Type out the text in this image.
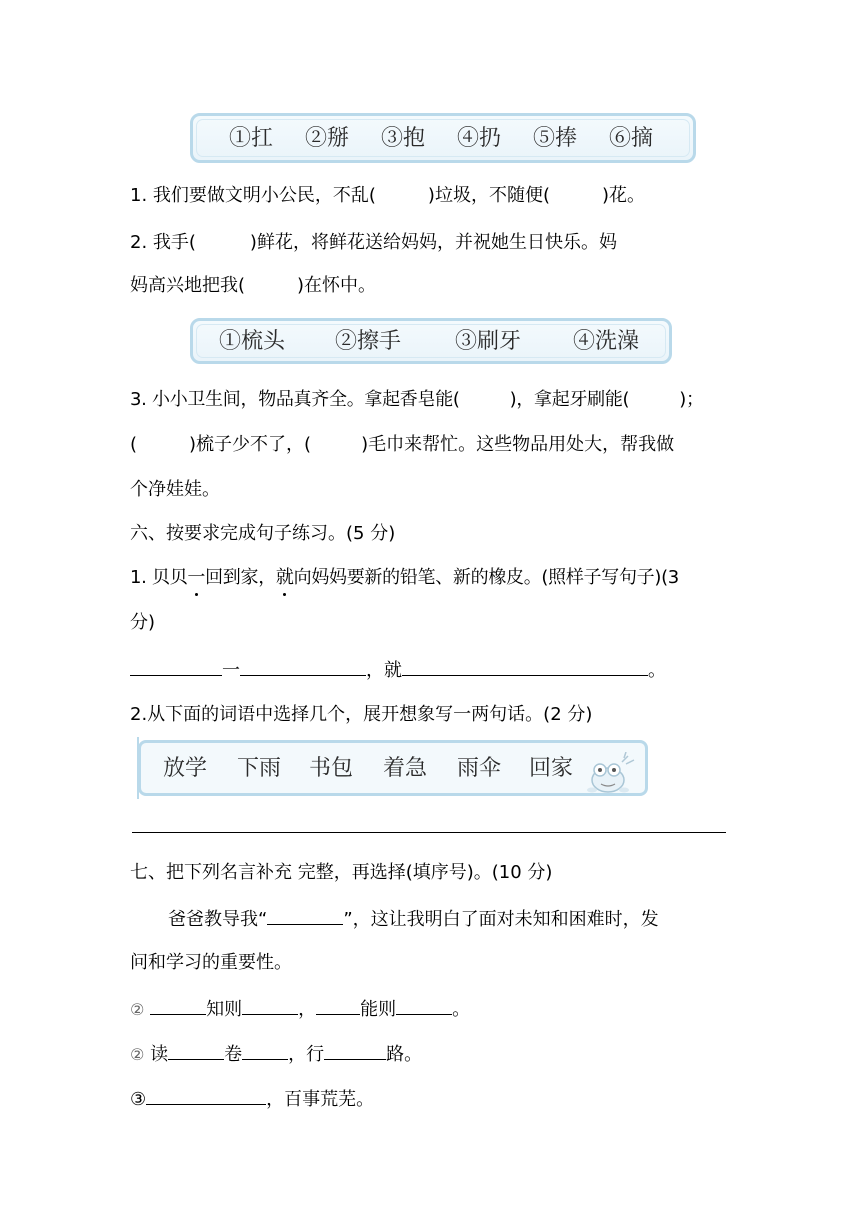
①扛 ②掰 ③抱 ④扔 ⑤捧 ⑥摘
1. 我们要做文明小公民，不乱(	)垃圾，不随便(	)花。
2. 我手(	)鲜花，将鲜花送给妈妈，并祝她生日快乐。妈
妈高兴地把我(	)在怀中。
①梳头 ②擦手 ③刷牙 ④洗澡
3. 小小卫生间，物品真齐全。拿起香皂能(	)，拿起牙刷能(	)；
(	)梳子少不了，(	)毛巾来帮忙。这些物品用处大，帮我做
个净娃娃。
六、按要求完成句子练习。(5 分)
1. 贝贝一回到家，就向妈妈要新的铅笔、新的橡皮。(照样子写句子)(3
分)
一	，就	。
2.从下面的词语中选择几个，展开想象写一两句话。(2 分)
放学 下雨 书包 着急 雨伞 回家
七、把下列名言补充 完整，再选择(填序号)。(10 分)
爸爸教导我“	”，这让我明白了面对未知和困难时，发
问和学习的重要性。
②	知则	， 能则	。
② 读	卷	，行	路。
③	，百事荒芜。
